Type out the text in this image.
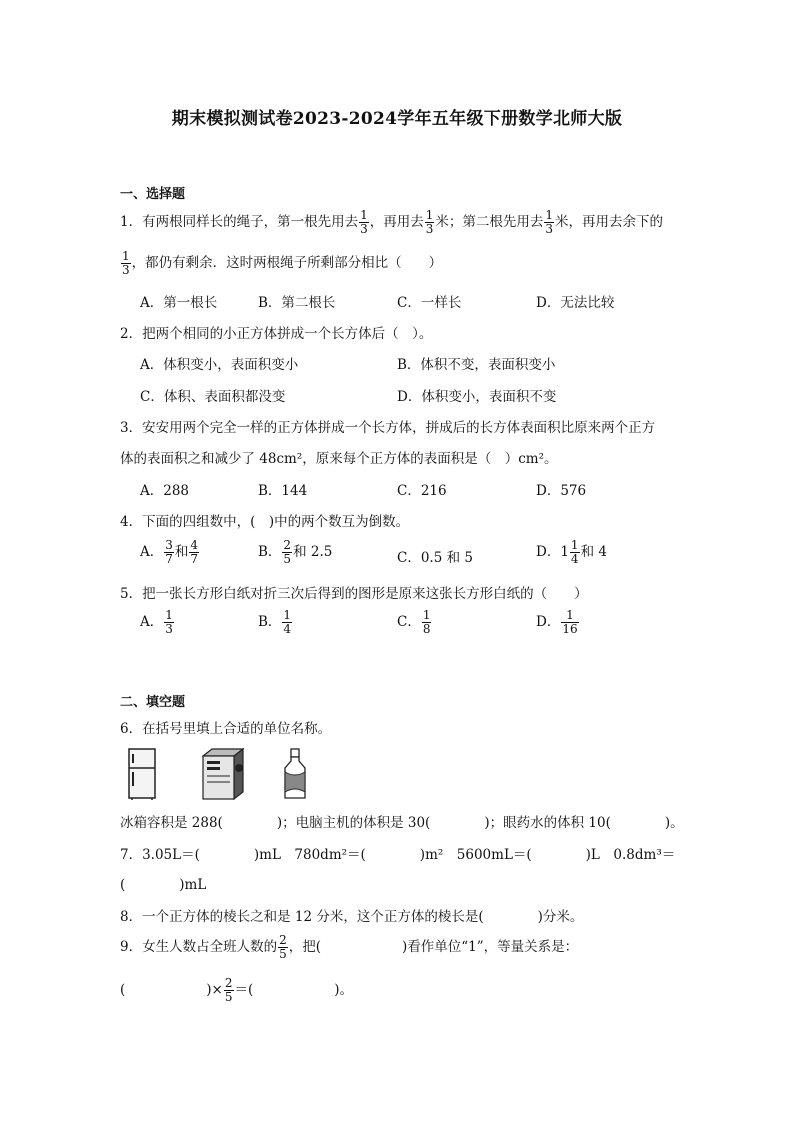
期末模拟测试卷2023-2024学年五年级下册数学北师大版
一、选择题
1．有两根同样长的绳子，第一根先用去 $\frac{1}{3}$ ，再用去 $\frac{1}{3}$ 米；第二根先用去 $\frac{1}{3}$ 米，再用去余下的
$\frac{1}{3}$ ，都仍有剩余．这时两根绳子所剩部分相比（　　）
A．第一根长	B．第二根长	C．一样长	D．无法比较
2．把两个相同的小正方体拼成一个长方体后（　）。
A．体积变小，表面积变小	B．体积不变，表面积变小
C．体积、表面积都没变	D．体积变小，表面积不变
3．安安用两个完全一样的正方体拼成一个长方体，拼成后的长方体表面积比原来两个正方
体的表面积之和减少了 48cm²，原来每个正方体的表面积是（　）cm²。
A．288	B．144	C．216	D．576
4．下面的四组数中，(　)中的两个数互为倒数。
A． $\frac{3}{7}$ 和 $\frac{4}{7}$	B． $\frac{2}{5}$ 和 2.5	C．0.5 和 5	D．$1 \frac{1}{4}$ 和 4
5．把一张长方形白纸对折三次后得到的图形是原来这张长方形白纸的（　　）
A． $\frac{1}{3}$	B． $\frac{1}{4}$	C． $\frac{1}{8}$	D． $\frac{1}{16}$
二、填空题
6．在括号里填上合适的单位名称。
冰箱容积是 288(　　　　)；电脑主机的体积是 30(　　　　)；眼药水的体积 10(　　　　)。
7．3.05L＝(　　　　)mL　780dm²＝(　　　　)m²　5600mL＝(　　　　)L　0.8dm³＝
(　　　　)mL
8．一个正方体的棱长之和是 12 分米，这个正方体的棱长是(　　　　)分米。
9．女生人数占全班人数的 $\frac{2}{5}$ ，把(　　　　　　)看作单位“1”，等量关系是：
(　　　　　　)× $\frac{2}{5}$ ＝(　　　　　　)。
